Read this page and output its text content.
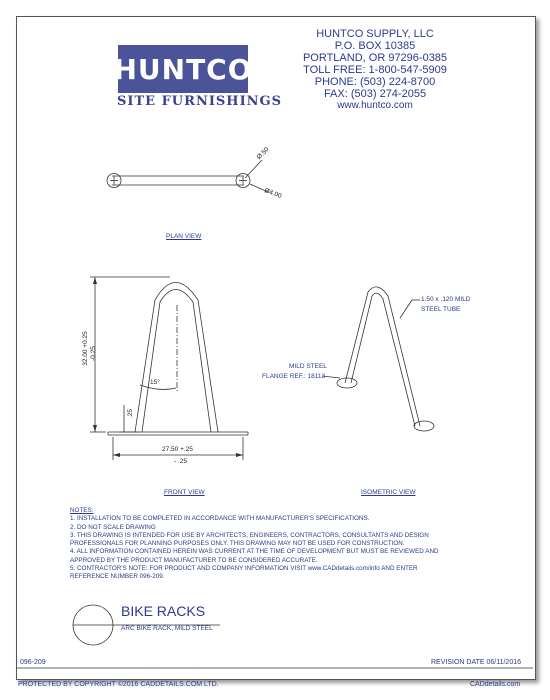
HUNTCO
SITE FURNISHINGS
HUNTCO SUPPLY, LLC
P.O. BOX 10385
PORTLAND, OR 97296-0385
TOLL FREE: 1-800-547-5909
PHONE: (503) 224-8700
FAX: (503) 274-2055
www.huntco.com
Ø.50
Ø4.00
PLAN VIEW
32.00 +0.25 -0.25
15°
.25
27.50 +.25
- .25
FRONT VIEW
1.50 x .120 MILD
STEEL TUBE
MILD STEEL
FLANGE REF.: 18113
ISOMETRIC VIEW
NOTES:
1. INSTALLATION TO BE COMPLETED IN ACCORDANCE WITH MANUFACTURER'S SPECIFICATIONS.
2. DO NOT SCALE DRAWING
3. THIS DRAWING IS INTENDED FOR USE BY ARCHITECTS, ENGINEERS, CONTRACTORS, CONSULTANTS AND DESIGN
PROFESSIONALS FOR PLANNING PURPOSES ONLY. THIS DRAWING MAY NOT BE USED FOR CONSTRUCTION.
4. ALL INFORMATION CONTAINED HEREIN WAS CURRENT AT THE TIME OF DEVELOPMENT BUT MUST BE REVIEWED AND
APPROVED BY THE PRODUCT MANUFACTURER TO BE CONSIDERED ACCURATE.
5. CONTRACTOR'S NOTE: FOR PRODUCT AND COMPANY INFORMATION VISIT www.CADdetails.com/info AND ENTER
REFERENCE NUMBER 096-209.
BIKE RACKS
ARC BIKE RACK, MILD STEEL
096-209	REVISION DATE 06/11/2016
PROTECTED BY COPYRIGHT ©2016 CADDETAILS.COM LTD.	CADdetails.com
